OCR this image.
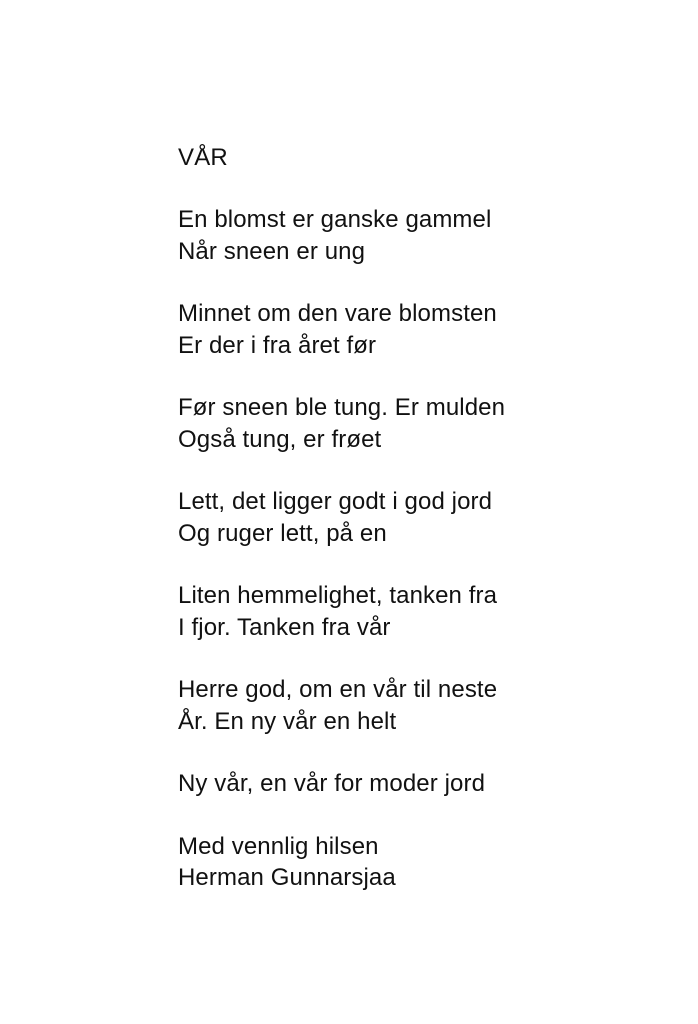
VÅR
En blomst er ganske gammel
Når sneen er ung
Minnet om den vare blomsten
Er der i fra året før
Før sneen ble tung. Er mulden
Også tung, er frøet
Lett, det ligger godt i god jord
Og ruger lett, på en
Liten hemmelighet, tanken fra
I fjor. Tanken fra vår
Herre god, om en vår til neste
År. En ny vår en helt
Ny vår, en vår for moder jord
Med vennlig hilsen
Herman Gunnarsjaa
